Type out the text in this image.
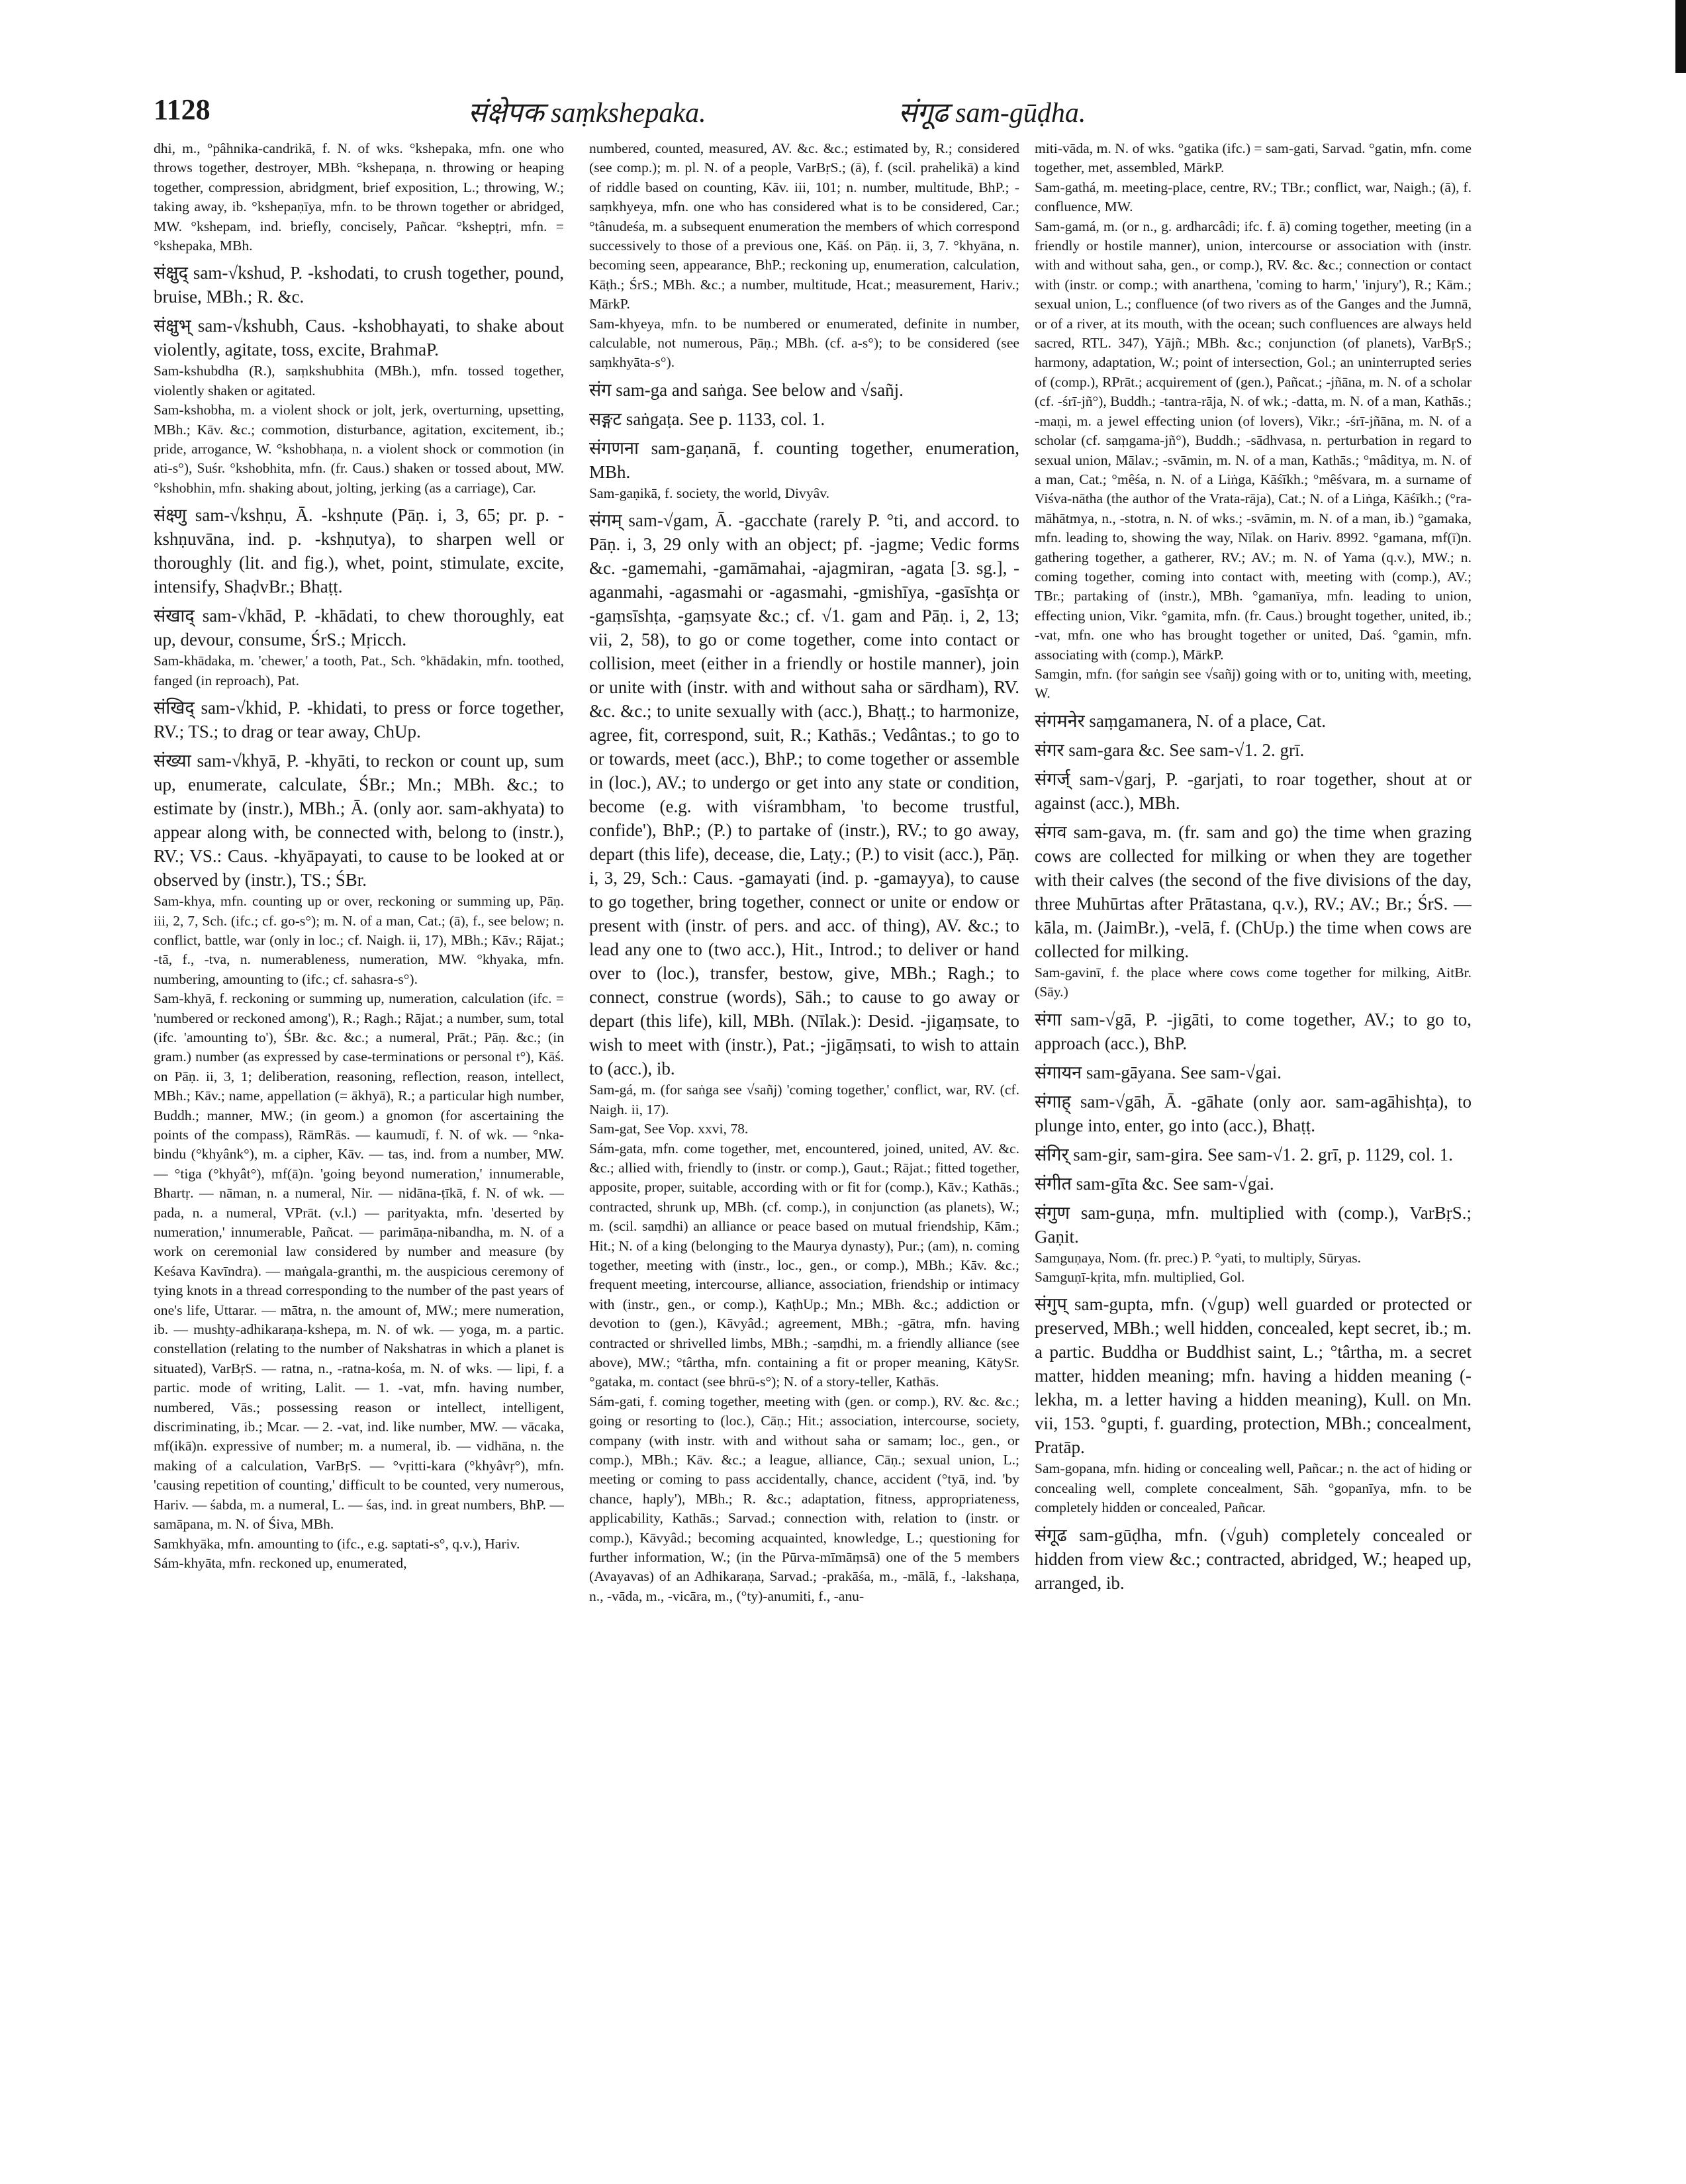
1128	संक्षेपक saṃkshepaka.	संगूढ sam-gūḍha.

dhi, m., °pâhnika-candrikā, f. N. of wks. °kshepaka, mfn. one who throws together, destroyer, MBh. °kshepaṇa, n. throwing or heaping together, compression, abridgment, brief exposition, L.; throwing, W.; taking away, ib. °kshepaṇīya, mfn. to be thrown together or abridged, MW. °kshepam, ind. briefly, concisely, Pañcar. °kshepṭri, mfn. = °kshepaka, MBh.

संक्षुद् sam-√kshud, P. -kshodati, to crush together, pound, bruise, MBh.; R. &c.

संक्षुभ् sam-√kshubh, Caus. -kshobhayati, to shake about violently, agitate, toss, excite, BrahmaP.

Sam-kshubdha (R.), saṃkshubhita (MBh.), mfn. tossed together, violently shaken or agitated.

Sam-kshobha, m. a violent shock or jolt, jerk, overturning, upsetting, MBh.; Kāv. &c.; commotion, disturbance, agitation, excitement, ib.; pride, arrogance, W. °kshobhaṇa, n. a violent shock or commotion (in ati-s°), Suśr. °kshobhita, mfn. (fr. Caus.) shaken or tossed about, MW. °kshobhin, mfn. shaking about, jolting, jerking (as a carriage), Car.

संक्ष्णु sam-√kshṇu, Ā. -kshṇute (Pāṇ. i, 3, 65; pr. p. -kshṇuvāna, ind. p. -kshṇutya), to sharpen well or thoroughly (lit. and fig.), whet, point, stimulate, excite, intensify, ShaḍvBr.; Bhaṭṭ.

संखाद् sam-√khād, P. -khādati, to chew thoroughly, eat up, devour, consume, ŚrS.; Mṛicch.

Sam-khādaka, m. 'chewer,' a tooth, Pat., Sch. °khādakin, mfn. toothed, fanged (in reproach), Pat.

संखिद् sam-√khid, P. -khidati, to press or force together, RV.; TS.; to drag or tear away, ChUp.

संख्या sam-√khyā, P. -khyāti, to reckon or count up, sum up, enumerate, calculate, ŚBr.; Mn.; MBh. &c.; to estimate by (instr.), MBh.; Ā. (only aor. sam-akhyata) to appear along with, be connected with, belong to (instr.), RV.; VS.: Caus. -khyāpayati, to cause to be looked at or observed by (instr.), TS.; ŚBr.

Sam-khya, mfn. counting up or over, reckoning or summing up, Pāṇ. iii, 2, 7, Sch. (ifc.; cf. go-s°); m. N. of a man, Cat.; (ā), f., see below; n. conflict, battle, war (only in loc.; cf. Naigh. ii, 17), MBh.; Kāv.; Rājat.; -tā, f., -tva, n. numerableness, numeration, MW. °khyaka, mfn. numbering, amounting to (ifc.; cf. sahasra-s°).

Sam-khyā, f. reckoning or summing up, numeration, calculation (ifc. = 'numbered or reckoned among'), R.; Ragh.; Rājat.; a number, sum, total (ifc. 'amounting to'), ŚBr. &c. &c.; a numeral, Prāt.; Pāṇ. &c.; (in gram.) number (as expressed by case-terminations or personal t°), Kāś. on Pāṇ. ii, 3, 1; deliberation, reasoning, reflection, reason, intellect, MBh.; Kāv.; name, appellation (= ākhyā), R.; a particular high number, Buddh.; manner, MW.; (in geom.) a gnomon (for ascertaining the points of the compass), RāmRās. — kaumudī, f. N. of wk. — °nka-bindu (°khyânk°), m. a cipher, Kāv. — tas, ind. from a number, MW. — °tiga (°khyât°), mf(ā)n. 'going beyond numeration,' innumerable, Bhartṛ. — nāman, n. a numeral, Nir. — nidāna-ṭīkā, f. N. of wk. — pada, n. a numeral, VPrāt. (v.l.) — parityakta, mfn. 'deserted by numeration,' innumerable, Pañcat. — parimāṇa-nibandha, m. N. of a work on ceremonial law considered by number and measure (by Keśava Kavīndra). — maṅgala-granthi, m. the auspicious ceremony of tying knots in a thread corresponding to the number of the past years of one's life, Uttarar. — mātra, n. the amount of, MW.; mere numeration, ib. — mushṭy-adhikaraṇa-kshepa, m. N. of wk. — yoga, m. a partic. constellation (relating to the number of Nakshatras in which a planet is situated), VarBṛS. — ratna, n., -ratna-kośa, m. N. of wks. — lipi, f. a partic. mode of writing, Lalit. — 1. -vat, mfn. having number, numbered, Vās.; possessing reason or intellect, intelligent, discriminating, ib.; Mcar. — 2. -vat, ind. like number, MW. — vācaka, mf(ikā)n. expressive of number; m. a numeral, ib. — vidhāna, n. the making of a calculation, VarBṛS. — °vṛitti-kara (°khyâvṛ°), mfn. 'causing repetition of counting,' difficult to be counted, very numerous, Hariv. — śabda, m. a numeral, L. — śas, ind. in great numbers, BhP. — samāpana, m. N. of Śiva, MBh.

Samkhyāka, mfn. amounting to (ifc., e.g. saptati-s°, q.v.), Hariv.

Sám-khyāta, mfn. reckoned up, enumerated,

numbered, counted, measured, AV. &c. &c.; estimated by, R.; considered (see comp.); m. pl. N. of a people, VarBṛS.; (ā), f. (scil. prahelikā) a kind of riddle based on counting, Kāv. iii, 101; n. number, multitude, BhP.; -saṃkhyeya, mfn. one who has considered what is to be considered, Car.; °tânudeśa, m. a subsequent enumeration the members of which correspond successively to those of a previous one, Kāś. on Pāṇ. ii, 3, 7. °khyāna, n. becoming seen, appearance, BhP.; reckoning up, enumeration, calculation, Kāṭh.; ŚrS.; MBh. &c.; a number, multitude, Hcat.; measurement, Hariv.; MārkP.

Sam-khyeya, mfn. to be numbered or enumerated, definite in number, calculable, not numerous, Pāṇ.; MBh. (cf. a-s°); to be considered (see saṃkhyāta-s°).

संग sam-ga and saṅga. See below and √sañj.

सङ्गट saṅgaṭa. See p. 1133, col. 1.

संगणना sam-gaṇanā, f. counting together, enumeration, MBh.

Sam-gaṇikā, f. society, the world, Divyâv.

संगम् sam-√gam, Ā. -gacchate (rarely P. °ti, and accord. to Pāṇ. i, 3, 29 only with an object; pf. -jagme; Vedic forms &c. -gamemahi, -gamāmahai, -ajagmiran, -agata [3. sg.], -aganmahi, -agasmahi or -agasmahi, -gmishīya, -gasīshṭa or -gaṃsīshṭa, -gaṃsyate &c.; cf. √1. gam and Pāṇ. i, 2, 13; vii, 2, 58), to go or come together, come into contact or collision, meet (either in a friendly or hostile manner), join or unite with (instr. with and without saha or sārdham), RV. &c. &c.; to unite sexually with (acc.), Bhaṭṭ.; to harmonize, agree, fit, correspond, suit, R.; Kathās.; Vedântas.; to go to or towards, meet (acc.), BhP.; to come together or assemble in (loc.), AV.; to undergo or get into any state or condition, become (e.g. with viśrambham, 'to become trustful, confide'), BhP.; (P.) to partake of (instr.), RV.; to go away, depart (this life), decease, die, Laṭy.; (P.) to visit (acc.), Pāṇ. i, 3, 29, Sch.: Caus. -gamayati (ind. p. -gamayya), to cause to go together, bring together, connect or unite or endow or present with (instr. of pers. and acc. of thing), AV. &c.; to lead any one to (two acc.), Hit., Introd.; to deliver or hand over to (loc.), transfer, bestow, give, MBh.; Ragh.; to connect, construe (words), Sāh.; to cause to go away or depart (this life), kill, MBh. (Nīlak.): Desid. -jigaṃsate, to wish to meet with (instr.), Pat.; -jigāṃsati, to wish to attain to (acc.), ib.

Sam-gá, m. (for saṅga see √sañj) 'coming together,' conflict, war, RV. (cf. Naigh. ii, 17).

Sam-gat, See Vop. xxvi, 78.

Sám-gata, mfn. come together, met, encountered, joined, united, AV. &c. &c.; allied with, friendly to (instr. or comp.), Gaut.; Rājat.; fitted together, apposite, proper, suitable, according with or fit for (comp.), Kāv.; Kathās.; contracted, shrunk up, MBh. (cf. comp.), in conjunction (as planets), W.; m. (scil. saṃdhi) an alliance or peace based on mutual friendship, Kām.; Hit.; N. of a king (belonging to the Maurya dynasty), Pur.; (am), n. coming together, meeting with (instr., loc., gen., or comp.), MBh.; Kāv. &c.; frequent meeting, intercourse, alliance, association, friendship or intimacy with (instr., gen., or comp.), KaṭhUp.; Mn.; MBh. &c.; addiction or devotion to (gen.), Kāvyâd.; agreement, MBh.; -gātra, mfn. having contracted or shrivelled limbs, MBh.; -saṃdhi, m. a friendly alliance (see above), MW.; °târtha, mfn. containing a fit or proper meaning, KātySr. °gataka, m. contact (see bhrū-s°); N. of a story-teller, Kathās.

Sám-gati, f. coming together, meeting with (gen. or comp.), RV. &c. &c.; going or resorting to (loc.), Cāṇ.; Hit.; association, intercourse, society, company (with instr. with and without saha or samam; loc., gen., or comp.), MBh.; Kāv. &c.; a league, alliance, Cāṇ.; sexual union, L.; meeting or coming to pass accidentally, chance, accident (°tyā, ind. 'by chance, haply'), MBh.; R. &c.; adaptation, fitness, appropriateness, applicability, Kathās.; Sarvad.; connection with, relation to (instr. or comp.), Kāvyâd.; becoming acquainted, knowledge, L.; questioning for further information, W.; (in the Pūrva-mīmāṃsā) one of the 5 members (Avayavas) of an Adhikaraṇa, Sarvad.; -prakāśa, m., -mālā, f., -lakshaṇa, n., -vāda, m., -vicāra, m., (°ty)-anumiti, f., -anu-

miti-vāda, m. N. of wks. °gatika (ifc.) = sam-gati, Sarvad. °gatin, mfn. come together, met, assembled, MārkP.

Sam-gathá, m. meeting-place, centre, RV.; TBr.; conflict, war, Naigh.; (ā), f. confluence, MW.

Sam-gamá, m. (or n., g. ardharcâdi; ifc. f. ā) coming together, meeting (in a friendly or hostile manner), union, intercourse or association with (instr. with and without saha, gen., or comp.), RV. &c. &c.; connection or contact with (instr. or comp.; with anarthena, 'coming to harm,' 'injury'), R.; Kām.; sexual union, L.; confluence (of two rivers as of the Ganges and the Jumnā, or of a river, at its mouth, with the ocean; such confluences are always held sacred, RTL. 347), Yājñ.; MBh. &c.; conjunction (of planets), VarBṛS.; harmony, adaptation, W.; point of intersection, Gol.; an uninterrupted series of (comp.), RPrāt.; acquirement of (gen.), Pañcat.; -jñāna, m. N. of a scholar (cf. -śrī-jñ°), Buddh.; -tantra-rāja, N. of wk.; -datta, m. N. of a man, Kathās.; -maṇi, m. a jewel effecting union (of lovers), Vikr.; -śrī-jñāna, m. N. of a scholar (cf. saṃgama-jñ°), Buddh.; -sādhvasa, n. perturbation in regard to sexual union, Mālav.; -svāmin, m. N. of a man, Kathās.; °mâditya, m. N. of a man, Cat.; °mêśa, n. N. of a Liṅga, Kāśīkh.; °mêśvara, m. a surname of Viśva-nātha (the author of the Vrata-rāja), Cat.; N. of a Liṅga, Kāśīkh.; (°ra-māhātmya, n., -stotra, n. N. of wks.; -svāmin, m. N. of a man, ib.) °gamaka, mfn. leading to, showing the way, Nīlak. on Hariv. 8992. °gamana, mf(ī)n. gathering together, a gatherer, RV.; AV.; m. N. of Yama (q.v.), MW.; n. coming together, coming into contact with, meeting with (comp.), AV.; TBr.; partaking of (instr.), MBh. °gamanīya, mfn. leading to union, effecting union, Vikr. °gamita, mfn. (fr. Caus.) brought together, united, ib.; -vat, mfn. one who has brought together or united, Daś. °gamin, mfn. associating with (comp.), MārkP.

Samgin, mfn. (for saṅgin see √sañj) going with or to, uniting with, meeting, W.

संगमनेर saṃgamanera, N. of a place, Cat.

संगर sam-gara &c. See sam-√1. 2. grī.

संगर्ज् sam-√garj, P. -garjati, to roar together, shout at or against (acc.), MBh.

संगव sam-gava, m. (fr. sam and go) the time when grazing cows are collected for milking or when they are together with their calves (the second of the five divisions of the day, three Muhūrtas after Prātastana, q.v.), RV.; AV.; Br.; ŚrS. — kāla, m. (JaimBr.), -velā, f. (ChUp.) the time when cows are collected for milking.

Sam-gavinī, f. the place where cows come together for milking, AitBr. (Sāy.)

संगा sam-√gā, P. -jigāti, to come together, AV.; to go to, approach (acc.), BhP.

संगायन sam-gāyana. See sam-√gai.

संगाह् sam-√gāh, Ā. -gāhate (only aor. sam-agāhishṭa), to plunge into, enter, go into (acc.), Bhaṭṭ.

संगिर् sam-gir, sam-gira. See sam-√1. 2. grī, p. 1129, col. 1.

संगीत sam-gīta &c. See sam-√gai.

संगुण sam-guṇa, mfn. multiplied with (comp.), VarBṛS.; Gaṇit.

Samguṇaya, Nom. (fr. prec.) P. °yati, to multiply, Sūryas.

Samguṇī-kṛita, mfn. multiplied, Gol.

संगुप् sam-gupta, mfn. (√gup) well guarded or protected or preserved, MBh.; well hidden, concealed, kept secret, ib.; m. a partic. Buddha or Buddhist saint, L.; °târtha, m. a secret matter, hidden meaning; mfn. having a hidden meaning (-lekha, m. a letter having a hidden meaning), Kull. on Mn. vii, 153. °gupti, f. guarding, protection, MBh.; concealment, Pratāp.

Sam-gopana, mfn. hiding or concealing well, Pañcar.; n. the act of hiding or concealing well, complete concealment, Sāh. °gopanīya, mfn. to be completely hidden or concealed, Pañcar.

संगूढ sam-gūḍha, mfn. (√guh) completely concealed or hidden from view &c.; contracted, abridged, W.; heaped up, arranged, ib.
